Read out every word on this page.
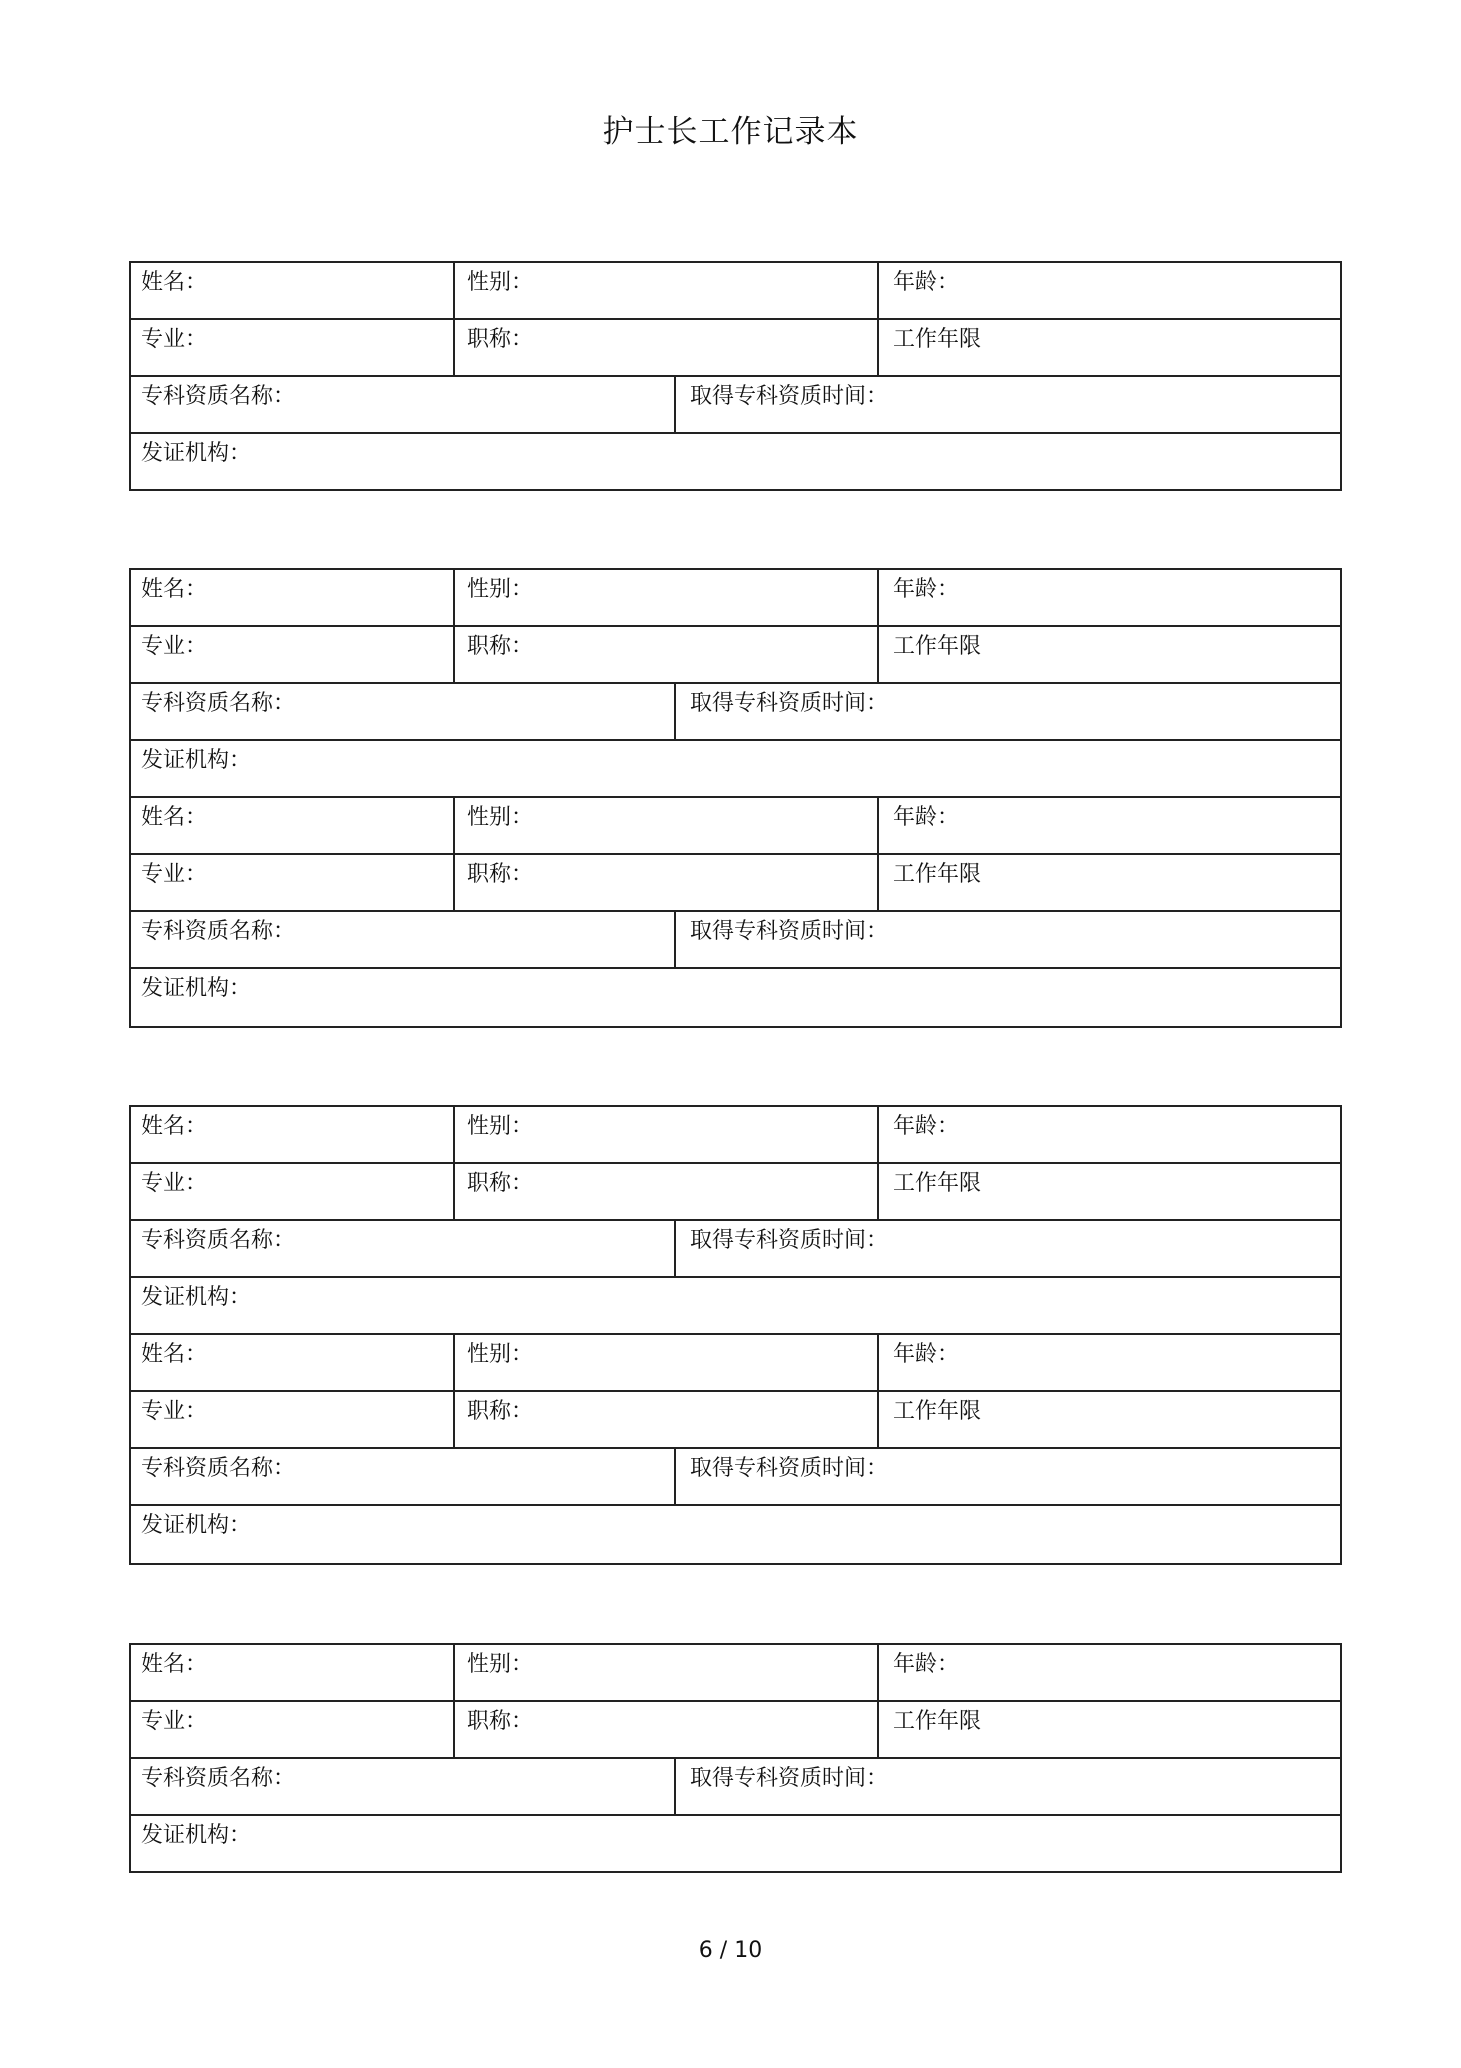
护士长工作记录本
姓名：	性别：	年龄：
专业：	职称：	工作年限
专科资质名称：	取得专科资质时间：
发证机构：
姓名：	性别：	年龄：
专业：	职称：	工作年限
专科资质名称：	取得专科资质时间：
发证机构：
姓名：	性别：	年龄：
专业：	职称：	工作年限
专科资质名称：	取得专科资质时间：
发证机构：
姓名：	性别：	年龄：
专业：	职称：	工作年限
专科资质名称：	取得专科资质时间：
发证机构：
姓名：	性别：	年龄：
专业：	职称：	工作年限
专科资质名称：	取得专科资质时间：
发证机构：
姓名：	性别：	年龄：
专业：	职称：	工作年限
专科资质名称：	取得专科资质时间：
发证机构：
6 / 10
